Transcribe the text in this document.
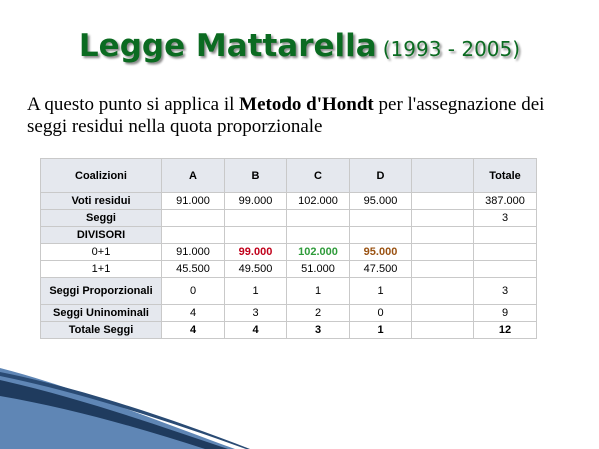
Legge Mattarella (1993 - 2005)
A questo punto si applica il Metodo d'Hondt per l'assegnazione dei seggi residui nella quota proporzionale
Coalizioni	A	B	C	D		Totale
Voti residui	91.000	99.000	102.000	95.000		387.000
Seggi						3
DIVISORI						
0+1	91.000	99.000	102.000	95.000		
1+1	45.500	49.500	51.000	47.500		
Seggi Proporzionali	0	1	1	1		3
Seggi Uninominali	4	3	2	0		9
Totale Seggi	4	4	3	1		12
